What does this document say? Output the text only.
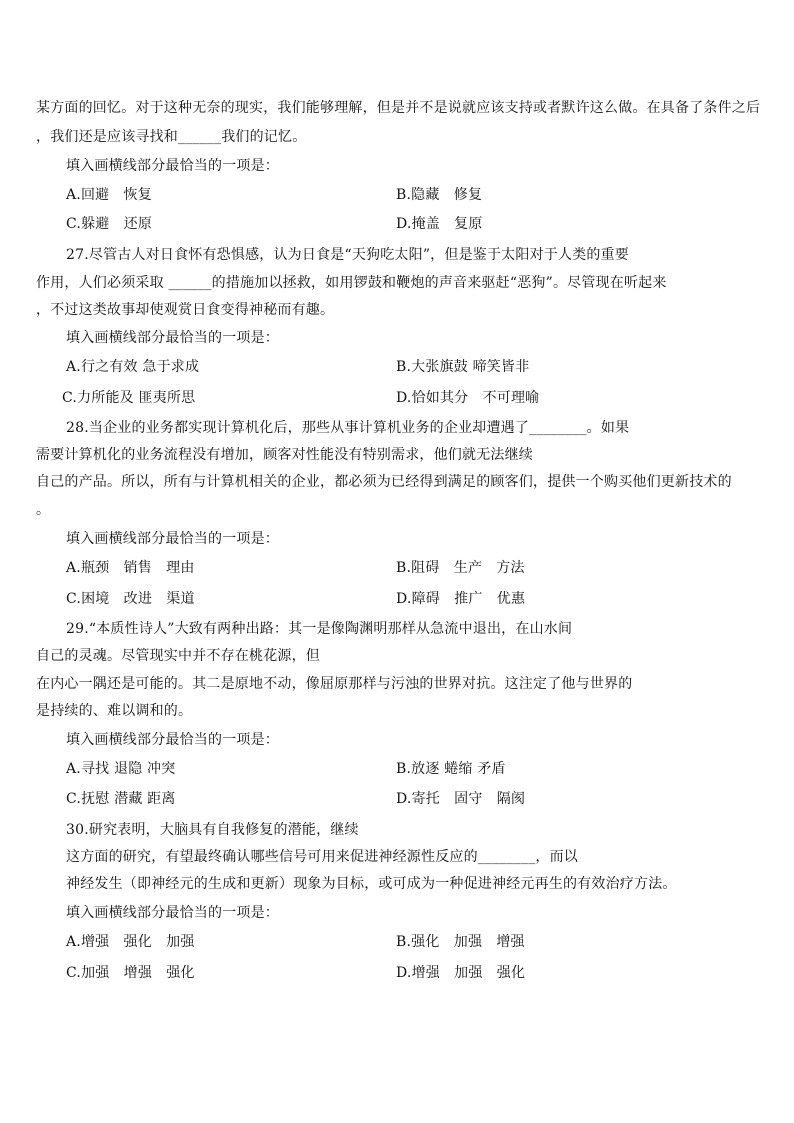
某方面的回忆。对于这种无奈的现实，我们能够理解，但是并不是说就应该支持或者默许这么做。在具备了条件之后
，我们还是应该寻找和______我们的记忆。
填入画横线部分最恰当的一项是：
A.回避　恢复	B.隐藏　修复
C.躲避　还原	D.掩盖　复原
27.尽管古人对日食怀有恐惧感，认为日食是“天狗吃太阳”，但是鉴于太阳对于人类的重要
作用，人们必须采取 ______的措施加以拯救，如用锣鼓和鞭炮的声音来驱赶“恶狗”。尽管现在听起来
，不过这类故事却使观赏日食变得神秘而有趣。
填入画横线部分最恰当的一项是：
A.行之有效 急于求成	B.大张旗鼓 啼笑皆非
C.力所能及 匪夷所思	D.恰如其分　不可理喻
28.当企业的业务都实现计算机化后，那些从事计算机业务的企业却遭遇了________。如果
需要计算机化的业务流程没有增加，顾客对性能没有特别需求，他们就无法继续
自己的产品。所以，所有与计算机相关的企业，都必须为已经得到满足的顾客们，提供一个购买他们更新技术的
。
填入画横线部分最恰当的一项是：
A.瓶颈　销售　理由	B.阻碍　生产　方法
C.困境　改进　渠道	D.障碍　推广　优惠
29.“本质性诗人”大致有两种出路：其一是像陶渊明那样从急流中退出，在山水间
自己的灵魂。尽管现实中并不存在桃花源，但
在内心一隅还是可能的。其二是原地不动，像屈原那样与污浊的世界对抗。这注定了他与世界的
是持续的、难以调和的。
填入画横线部分最恰当的一项是：
A.寻找 退隐 冲突	B.放逐 蜷缩 矛盾
C.抚慰 潜藏 距离	D.寄托　固守　隔阂
30.研究表明，大脑具有自我修复的潜能，继续
这方面的研究，有望最终确认哪些信号可用来促进神经源性反应的________，而以
神经发生（即神经元的生成和更新）现象为目标，或可成为一种促进神经元再生的有效治疗方法。
填入画横线部分最恰当的一项是：
A.增强　强化　加强	B.强化　加强　增强
C.加强　增强　强化	D.增强　加强　强化
